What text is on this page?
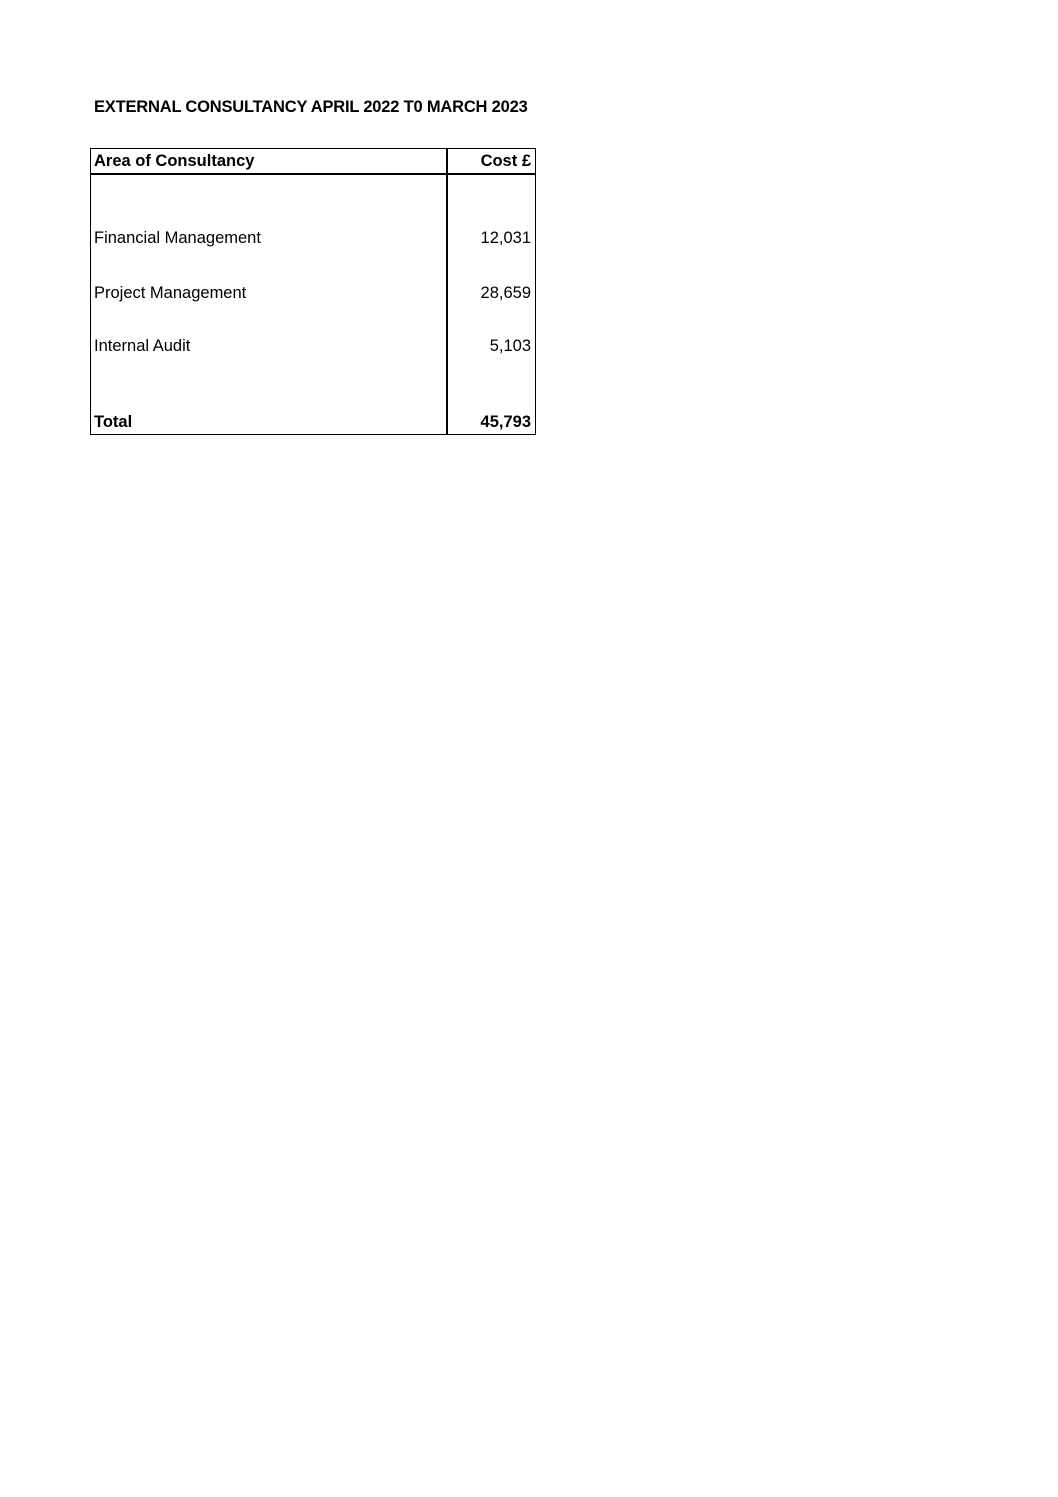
EXTERNAL CONSULTANCY APRIL 2022 T0 MARCH 2023
Area of Consultancy	Cost £
Financial Management	12,031
Project Management	28,659
Internal Audit	5,103
Total	45,793
